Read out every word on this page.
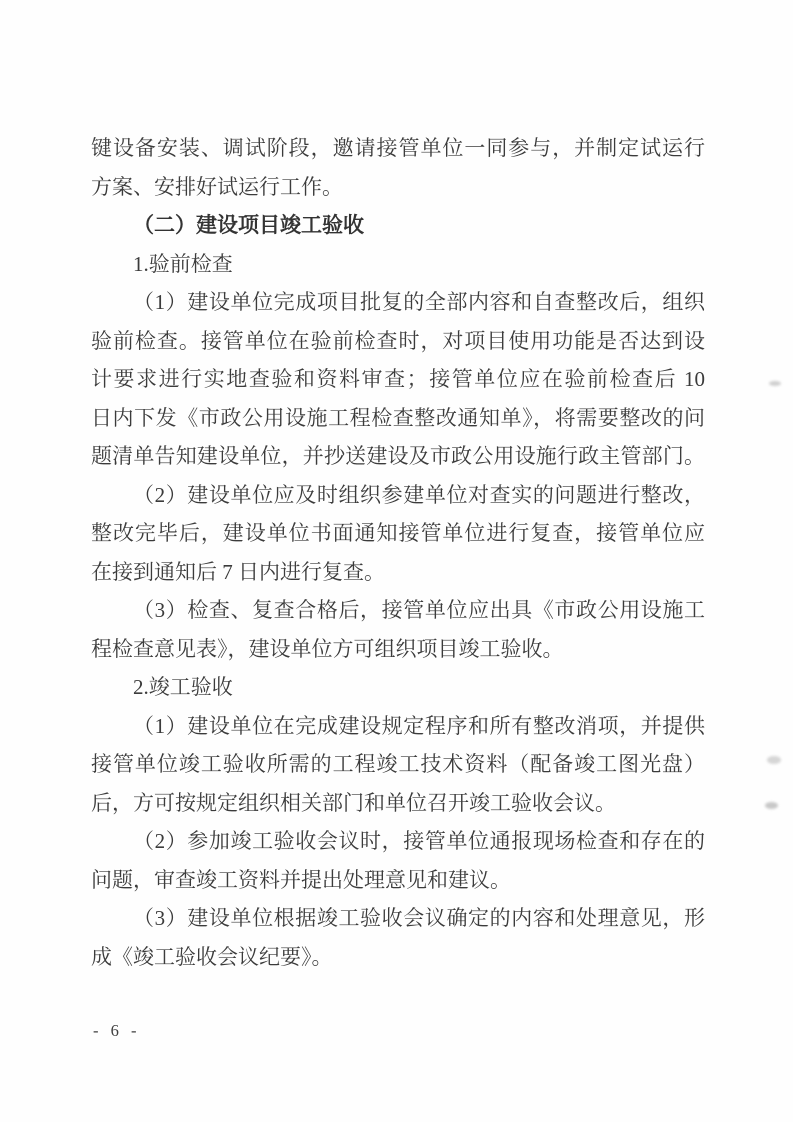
键设备安装、调试阶段，邀请接管单位一同参与，并制定试运行
方案、安排好试运行工作。
（二）建设项目竣工验收
1.验前检查
（1）建设单位完成项目批复的全部内容和自查整改后，组织
验前检查。接管单位在验前检查时，对项目使用功能是否达到设
计要求进行实地查验和资料审查；接管单位应在验前检查后 10
日内下发《市政公用设施工程检查整改通知单》，将需要整改的问
题清单告知建设单位，并抄送建设及市政公用设施行政主管部门。
（2）建设单位应及时组织参建单位对查实的问题进行整改，
整改完毕后，建设单位书面通知接管单位进行复查，接管单位应
在接到通知后 7 日内进行复查。
（3）检查、复查合格后，接管单位应出具《市政公用设施工
程检查意见表》，建设单位方可组织项目竣工验收。
2.竣工验收
（1）建设单位在完成建设规定程序和所有整改消项，并提供
接管单位竣工验收所需的工程竣工技术资料（配备竣工图光盘）
后，方可按规定组织相关部门和单位召开竣工验收会议。
（2）参加竣工验收会议时，接管单位通报现场检查和存在的
问题，审查竣工资料并提出处理意见和建议。
（3）建设单位根据竣工验收会议确定的内容和处理意见，形
成《竣工验收会议纪要》。
- 6 -
